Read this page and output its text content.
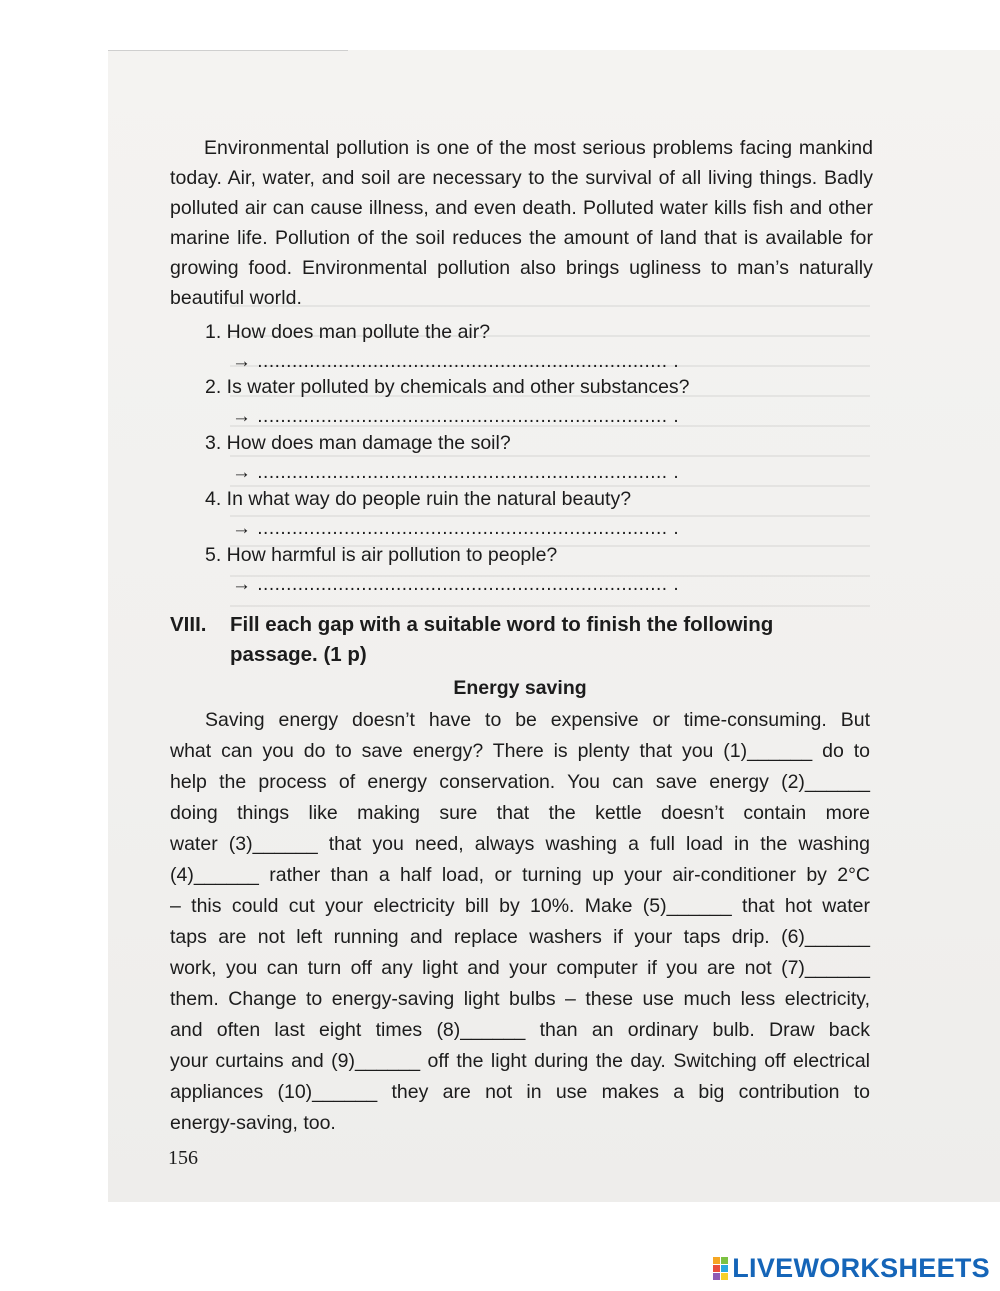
Environmental pollution is one of the most serious problems facing mankind today. Air, water, and soil are necessary to the survival of all living things. Badly polluted air can cause illness, and even death. Polluted water kills fish and other marine life. Pollution of the soil reduces the amount of land that is available for growing food. Environmental pollution also brings ugliness to man’s naturally beautiful world.
1. How does man pollute the air?
→ ....................................................................... .
2. Is water polluted by chemicals and other substances?
→ ....................................................................... .
3. How does man damage the soil?
→ ....................................................................... .
4. In what way do people ruin the natural beauty?
→ ....................................................................... .
5. How harmful is air pollution to people?
→ ....................................................................... .
VIII. Fill each gap with a suitable word to finish the following
passage. (1 p)
Energy saving
Saving energy doesn’t have to be expensive or time-consuming. But
what can you do to save energy? There is plenty that you (1)______ do to
help the process of energy conservation. You can save energy (2)______
doing things like making sure that the kettle doesn’t contain more
water (3)______ that you need, always washing a full load in the washing
(4)______ rather than a half load, or turning up your air-conditioner by 2°C
– this could cut your electricity bill by 10%. Make (5)______ that hot water
taps are not left running and replace washers if your taps drip. (6)______
work, you can turn off any light and your computer if you are not (7)______
them. Change to energy-saving light bulbs – these use much less electricity,
and often last eight times (8)______ than an ordinary bulb. Draw back
your curtains and (9)______ off the light during the day. Switching off electrical
appliances (10)______ they are not in use makes a big contribution to
energy-saving, too.
156
LIVEWORKSHEETS
